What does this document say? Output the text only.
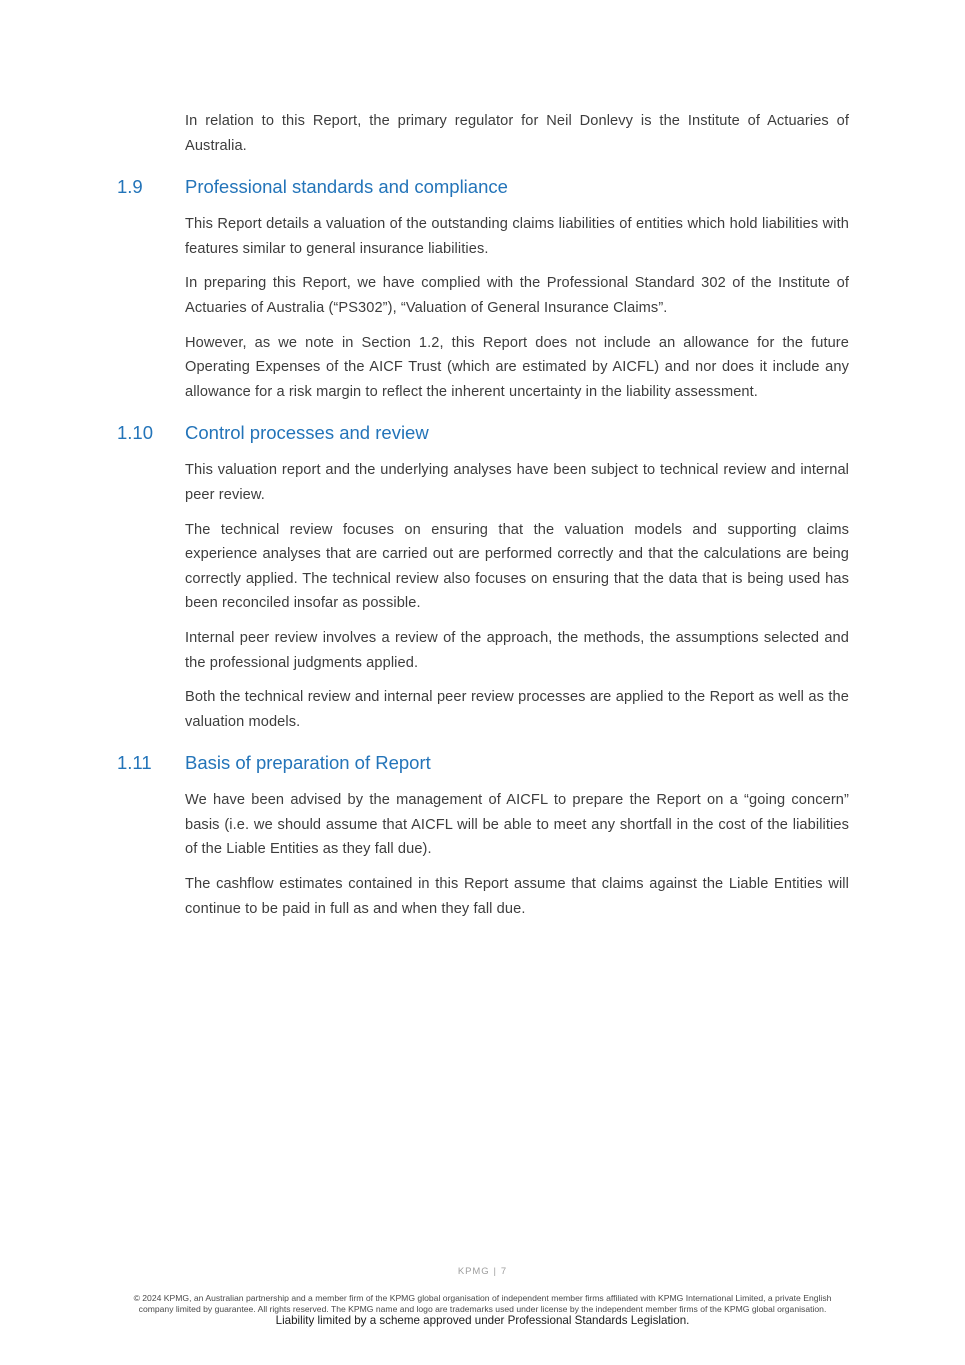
In relation to this Report, the primary regulator for Neil Donlevy is the Institute of Actuaries of Australia.

1.9	Professional standards and compliance

This Report details a valuation of the outstanding claims liabilities of entities which hold liabilities with features similar to general insurance liabilities.

In preparing this Report, we have complied with the Professional Standard 302 of the Institute of Actuaries of Australia (“PS302”), “Valuation of General Insurance Claims”.

However, as we note in Section 1.2, this Report does not include an allowance for the future Operating Expenses of the AICF Trust (which are estimated by AICFL) and nor does it include any allowance for a risk margin to reflect the inherent uncertainty in the liability assessment.

1.10	Control processes and review

This valuation report and the underlying analyses have been subject to technical review and internal peer review.

The technical review focuses on ensuring that the valuation models and supporting claims experience analyses that are carried out are performed correctly and that the calculations are being correctly applied. The technical review also focuses on ensuring that the data that is being used has been reconciled insofar as possible.

Internal peer review involves a review of the approach, the methods, the assumptions selected and the professional judgments applied.

Both the technical review and internal peer review processes are applied to the Report as well as the valuation models.

1.11	Basis of preparation of Report

We have been advised by the management of AICFL to prepare the Report on a “going concern” basis (i.e. we should assume that AICFL will be able to meet any shortfall in the cost of the liabilities of the Liable Entities as they fall due).

The cashflow estimates contained in this Report assume that claims against the Liable Entities will continue to be paid in full as and when they fall due.

KPMG | 7
© 2024 KPMG, an Australian partnership and a member firm of the KPMG global organisation of independent member firms affiliated with KPMG International Limited, a private English
company limited by guarantee. All rights reserved. The KPMG name and logo are trademarks used under license by the independent member firms of the KPMG global organisation.
Liability limited by a scheme approved under Professional Standards Legislation.
